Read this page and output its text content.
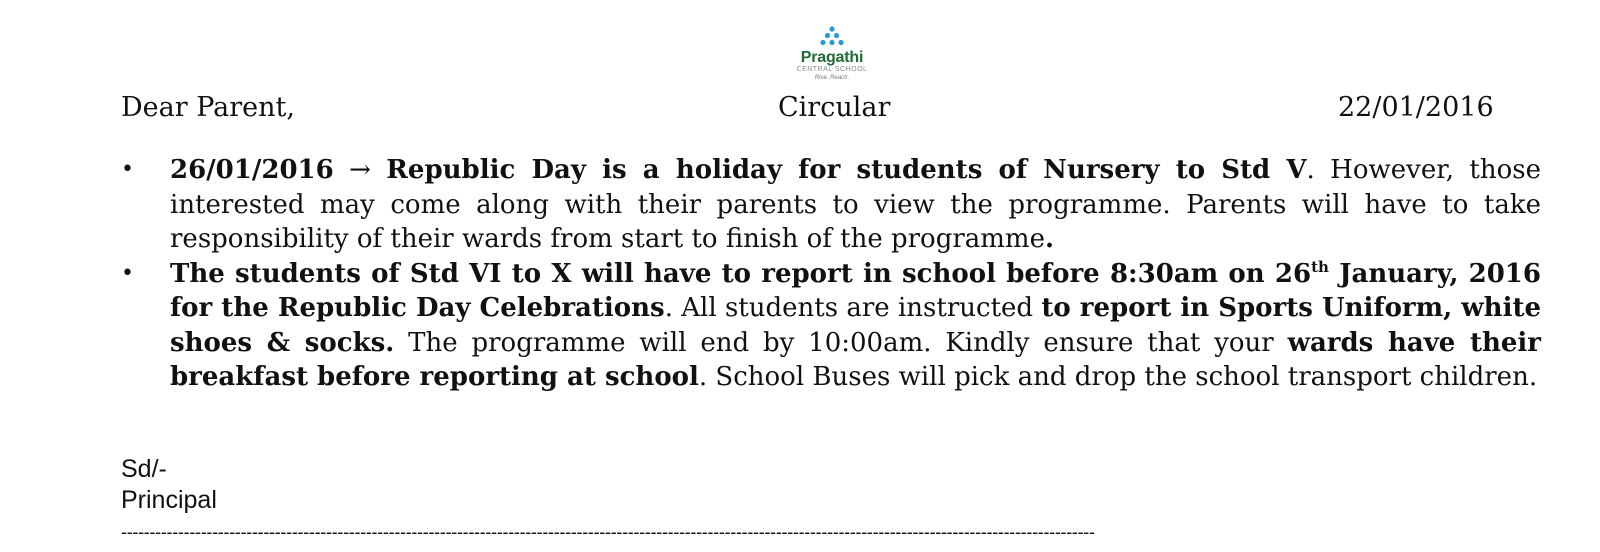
Pragathi
CENTRAL SCHOOL
Rise. Reach.
Dear Parent,	Circular	22/01/2016
• 26/01/2016 → Republic Day is a holiday for students of Nursery to Std V. However, those interested may come along with their parents to view the programme. Parents will have to take responsibility of their wards from start to finish of the programme.
• The students of Std VI to X will have to report in school before 8:30am on 26th January, 2016 for the Republic Day Celebrations. All students are instructed to report in Sports Uniform, white shoes & socks. The programme will end by 10:00am. Kindly ensure that your wards have their breakfast before reporting at school. School Buses will pick and drop the school transport children.
Sd/-
Principal
---------------------------------------------------------------------------------------------------------------------------------------------------------------------------
